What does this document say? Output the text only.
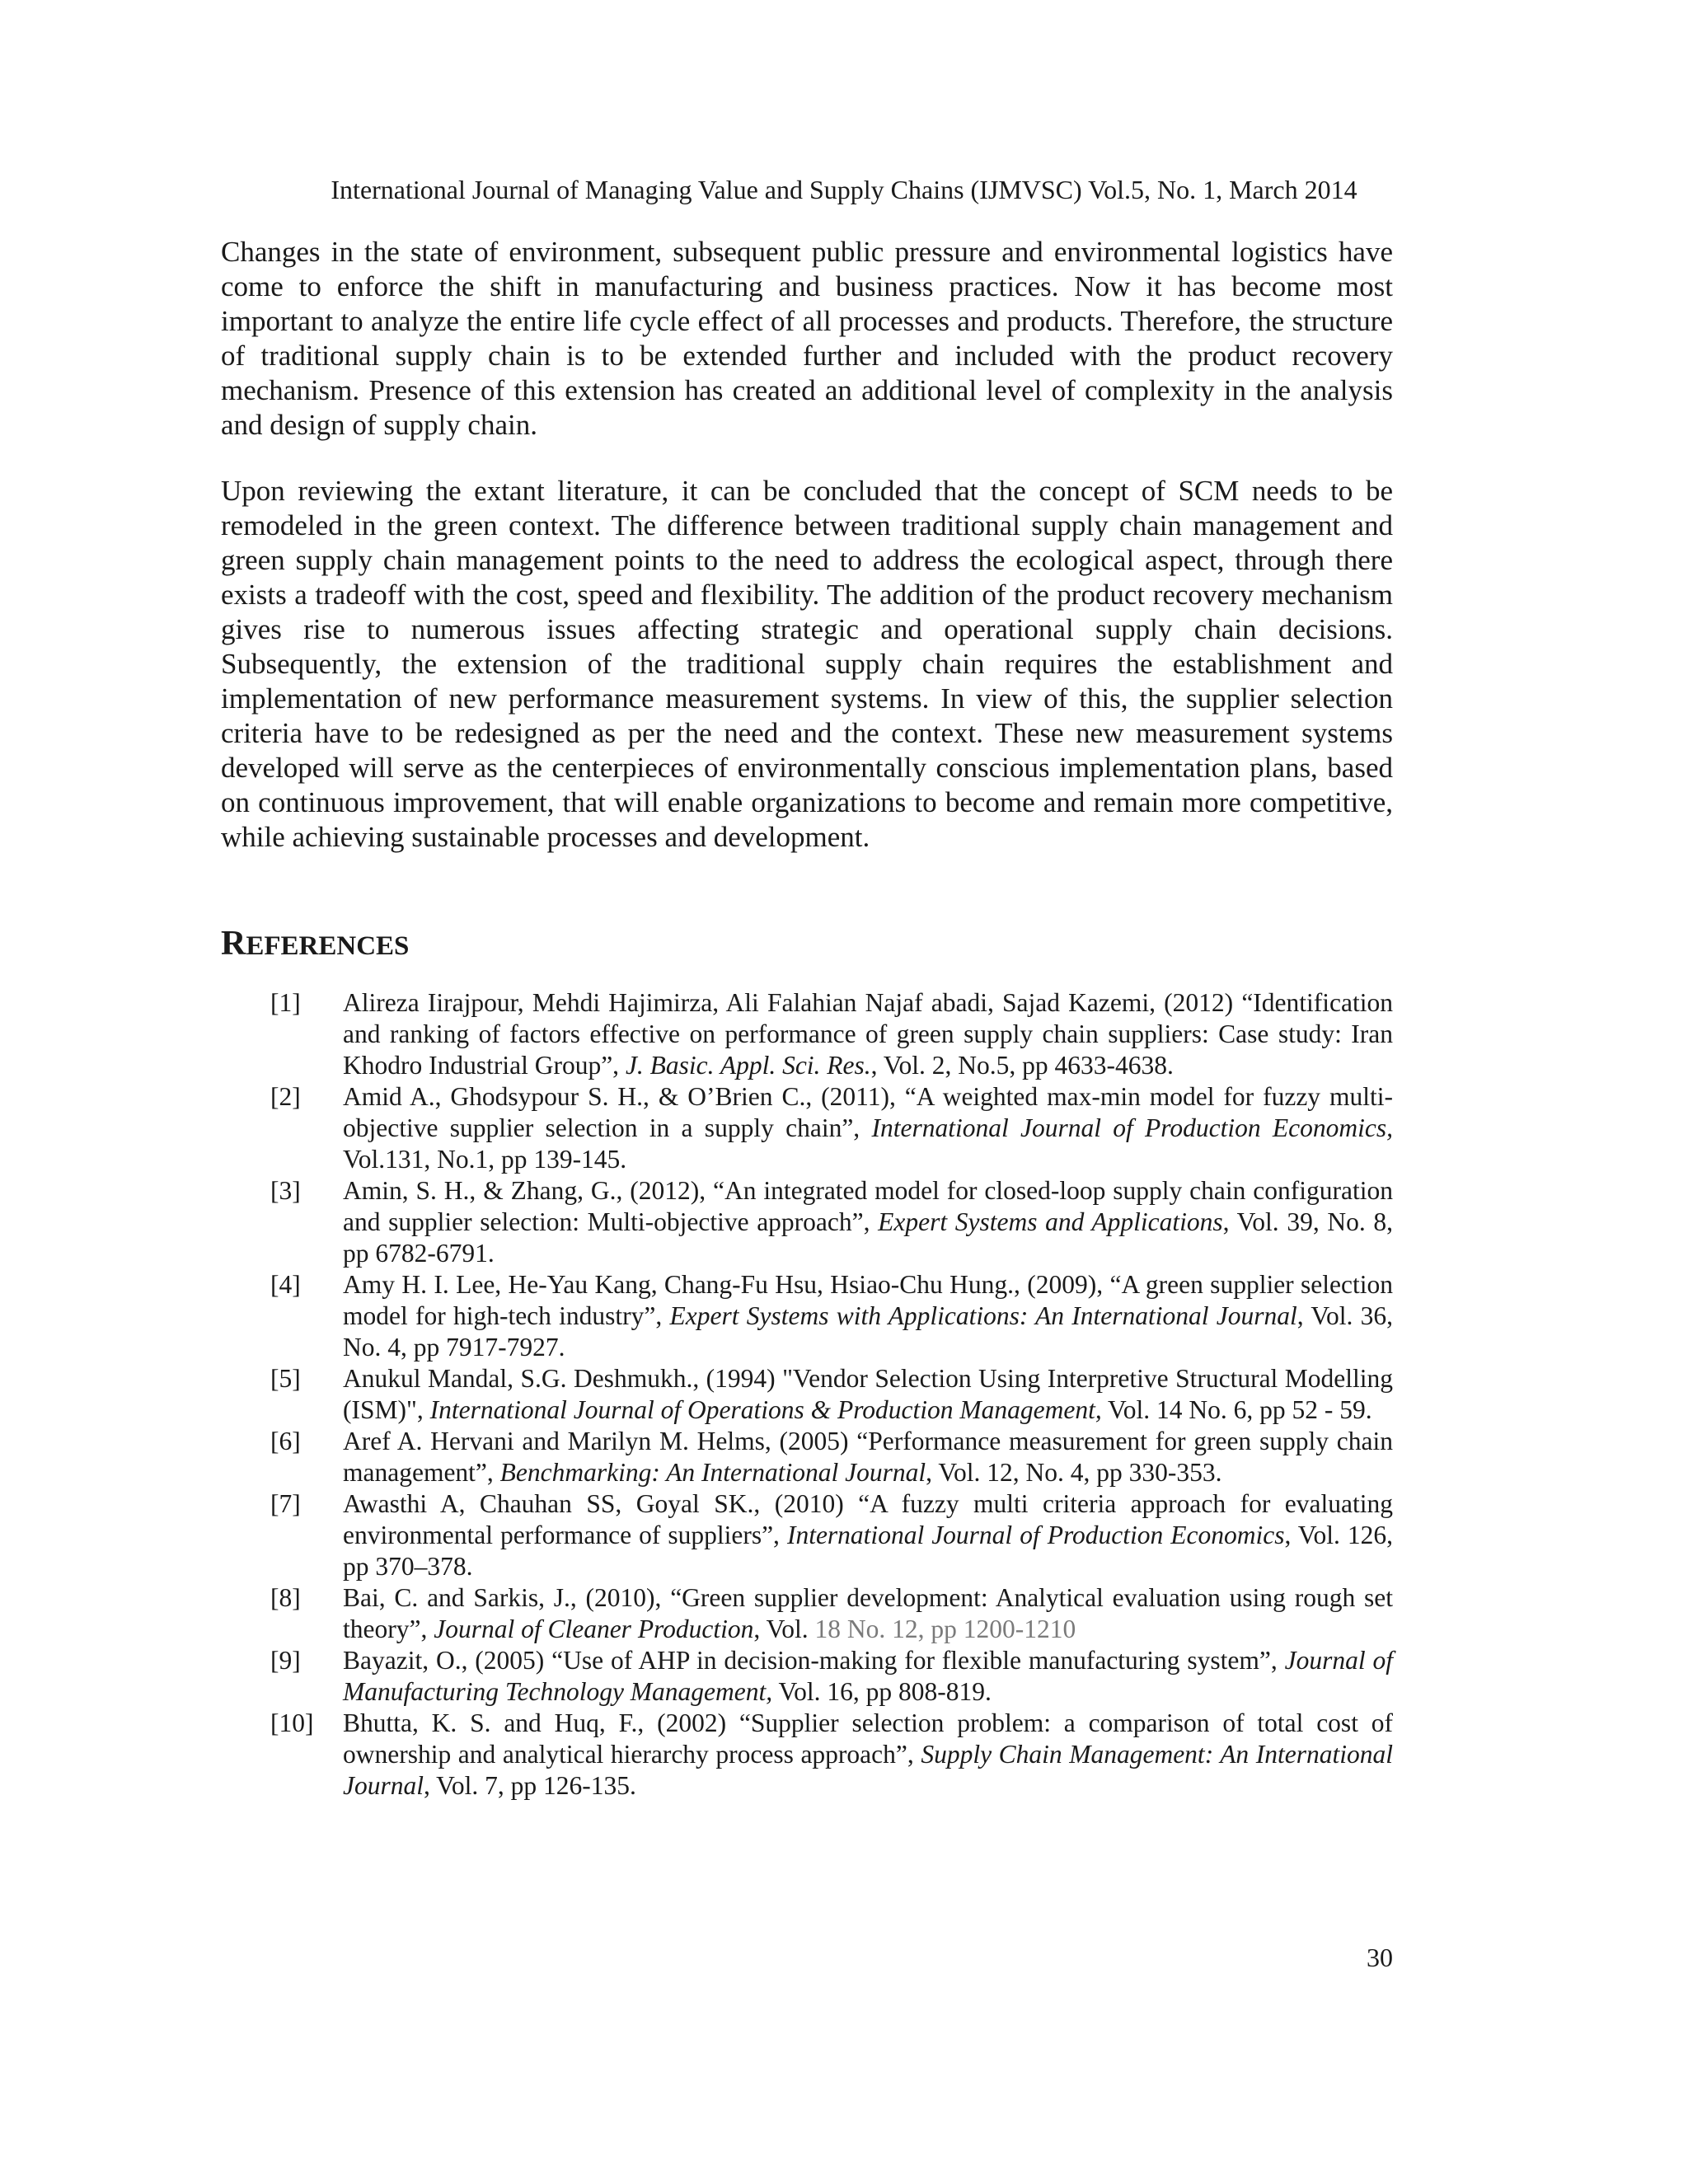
International Journal of Managing Value and Supply Chains (IJMVSC) Vol.5, No. 1, March 2014

Changes in the state of environment, subsequent public pressure and environmental logistics have come to enforce the shift in manufacturing and business practices. Now it has become most important to analyze the entire life cycle effect of all processes and products. Therefore, the structure of traditional supply chain is to be extended further and included with the product recovery mechanism. Presence of this extension has created an additional level of complexity in the analysis and design of supply chain.

Upon reviewing the extant literature, it can be concluded that the concept of SCM needs to be remodeled in the green context. The difference between traditional supply chain management and green supply chain management points to the need to address the ecological aspect, through there exists a tradeoff with the cost, speed and flexibility. The addition of the product recovery mechanism gives rise to numerous issues affecting strategic and operational supply chain decisions. Subsequently, the extension of the traditional supply chain requires the establishment and implementation of new performance measurement systems. In view of this, the supplier selection criteria have to be redesigned as per the need and the context. These new measurement systems developed will serve as the centerpieces of environmentally conscious implementation plans, based on continuous improvement, that will enable organizations to become and remain more competitive, while achieving sustainable processes and development.

REFERENCES
[1]	Alireza Iirajpour, Mehdi Hajimirza, Ali Falahian Najaf abadi, Sajad Kazemi, (2012) “Identification and ranking of factors effective on performance of green supply chain suppliers: Case study: Iran Khodro Industrial Group”, J. Basic. Appl. Sci. Res., Vol. 2, No.5, pp 4633-4638.
[2]	Amid A., Ghodsypour S. H., & O’Brien C., (2011), “A weighted max-min model for fuzzy multi-objective supplier selection in a supply chain”, International Journal of Production Economics, Vol.131, No.1, pp 139-145.
[3]	Amin, S. H., & Zhang, G., (2012), “An integrated model for closed-loop supply chain configuration and supplier selection: Multi-objective approach”, Expert Systems and Applications, Vol. 39, No. 8, pp 6782-6791.
[4]	Amy H. I. Lee, He-Yau Kang, Chang-Fu Hsu, Hsiao-Chu Hung., (2009), “A green supplier selection model for high-tech industry”, Expert Systems with Applications: An International Journal, Vol. 36, No. 4, pp 7917-7927.
[5]	Anukul Mandal, S.G. Deshmukh., (1994) "Vendor Selection Using Interpretive Structural Modelling (ISM)", International Journal of Operations & Production Management, Vol. 14 No. 6, pp 52 - 59.
[6]	Aref A. Hervani and Marilyn M. Helms, (2005) “Performance measurement for green supply chain management”, Benchmarking: An International Journal, Vol. 12, No. 4, pp 330-353.
[7]	Awasthi A, Chauhan SS, Goyal SK., (2010) “A fuzzy multi criteria approach for evaluating environmental performance of suppliers”, International Journal of Production Economics, Vol. 126, pp 370–378.
[8]	Bai, C. and Sarkis, J., (2010), “Green supplier development: Analytical evaluation using rough set theory”, Journal of Cleaner Production, Vol. 18 No. 12, pp 1200-1210
[9]	Bayazit, O., (2005) “Use of AHP in decision-making for flexible manufacturing system”, Journal of Manufacturing Technology Management, Vol. 16, pp 808-819.
[10]	Bhutta, K. S. and Huq, F., (2002) “Supplier selection problem: a comparison of total cost of ownership and analytical hierarchy process approach”, Supply Chain Management: An International Journal, Vol. 7, pp 126-135.
30
